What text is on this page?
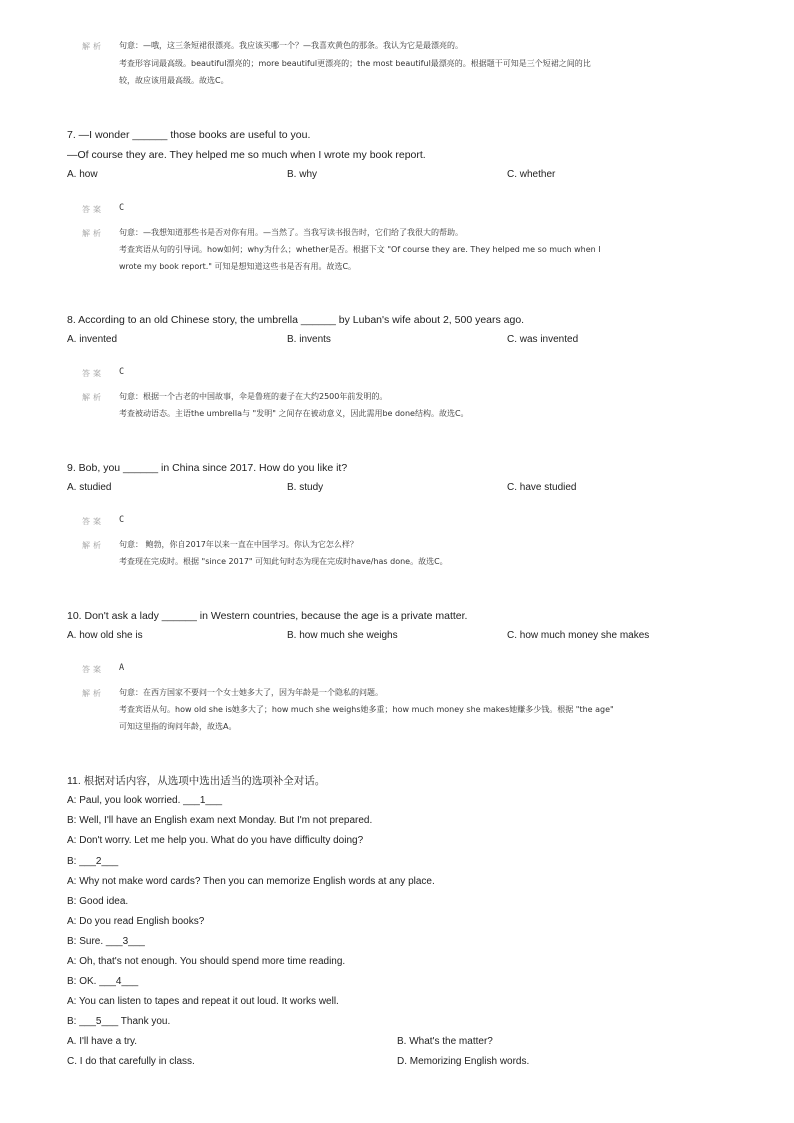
解析 句意：—哦，这三条短裙很漂亮。我应该买哪一个？—我喜欢黄色的那条。我认为它是最漂亮的。
考查形容词最高级。beautiful漂亮的；more beautiful更漂亮的；the most beautiful最漂亮的。根据题干可知是三个短裙之间的比
较，故应该用最高级。故选C。
7. —I wonder ______ those books are useful to you.
—Of course they are. They helped me so much when I wrote my book report.
A. how	B. why	C. whether
答案 C
解析 句意：—我想知道那些书是否对你有用。—当然了。当我写读书报告时，它们给了我很大的帮助。
考查宾语从句的引导词。how如何；why为什么；whether是否。根据下文 "Of course they are. They helped me so much when I
wrote my book report." 可知是想知道这些书是否有用。故选C。
8. According to an old Chinese story, the umbrella ______ by Luban's wife about 2, 500 years ago.
A. invented	B. invents	C. was invented
答案 C
解析 句意：根据一个古老的中国故事，伞是鲁班的妻子在大约2500年前发明的。
考查被动语态。主语the umbrella与 "发明" 之间存在被动意义，因此需用be done结构。故选C。
9. Bob, you ______ in China since 2017. How do you like it?
A. studied	B. study	C. have studied
答案 C
解析 句意： 鲍勃，你自2017年以来一直在中国学习。你认为它怎么样？
考查现在完成时。根据 "since 2017" 可知此句时态为现在完成时have/has done。故选C。
10. Don't ask a lady ______ in Western countries, because the age is a private matter.
A. how old she is	B. how much she weighs	C. how much money she makes
答案 A
解析 句意：在西方国家不要问一个女士她多大了，因为年龄是一个隐私的问题。
考查宾语从句。how old she is她多大了；how much she weighs她多重；how much money she makes她赚多少钱。根据 "the age"
可知这里指的询问年龄，故选A。
11. 根据对话内容，从选项中选出适当的选项补全对话。
A: Paul, you look worried. ___1___
B: Well, I'll have an English exam next Monday. But I'm not prepared.
A: Don't worry. Let me help you. What do you have difficulty doing?
B: ___2___
A: Why not make word cards? Then you can memorize English words at any place.
B: Good idea.
A: Do you read English books?
B: Sure. ___3___
A: Oh, that's not enough. You should spend more time reading.
B: OK. ___4___
A: You can listen to tapes and repeat it out loud. It works well.
B: ___5___ Thank you.
A. I'll have a try.	B. What's the matter?
C. I do that carefully in class.	D. Memorizing English words.
